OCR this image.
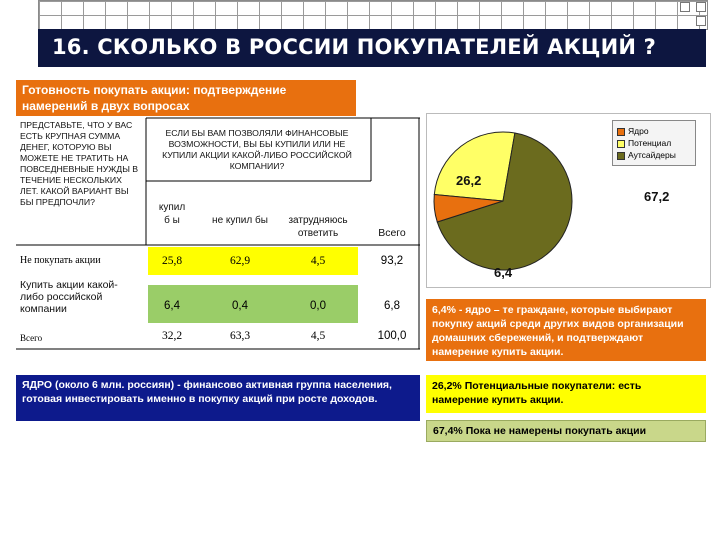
16. СКОЛЬКО В РОССИИ ПОКУПАТЕЛЕЙ АКЦИЙ ?
Готовность покупать акции: подтверждение намерений в двух вопросах
ПРЕДСТАВЬТЕ, ЧТО У ВАС ЕСТЬ КРУПНАЯ СУММА ДЕНЕГ, КОТОРУЮ ВЫ МОЖЕТЕ НЕ ТРАТИТЬ НА ПОВСЕДНЕВНЫЕ НУЖДЫ В ТЕЧЕНИЕ НЕСКОЛЬКИХ ЛЕТ. КАКОЙ ВАРИАНТ ВЫ БЫ ПРЕДПОЧЛИ?
ЕСЛИ БЫ ВАМ ПОЗВОЛЯЛИ ФИНАНСОВЫЕ ВОЗМОЖНОСТИ, ВЫ БЫ КУПИЛИ ИЛИ НЕ КУПИЛИ АКЦИИ КАКОЙ-ЛИБО РОССИЙСКОЙ КОМПАНИИ?
купил б ы	не купил бы	затрудняюсь ответить	Всего
Не покупать акции	25,8	62,9	4,5	93,2
Купить акции какой-либо российской компании	6,4	0,4	0,0	6,8
Всего	32,2	63,3	4,5	100,0
26,2
67,2
6,4
Ядро
Потенциал
Аутсайдеры
6,4% - ядро – те граждане, которые выбирают покупку акций среди других видов организации домашних сбережений, и подтверждают намерение купить акции.
ЯДРО (около 6 млн. россиян) - финансово активная группа населения, готовая инвестировать именно в покупку акций при росте доходов.
26,2% Потенциальные покупатели: есть намерение купить акции.
67,4% Пока не намерены покупать акции
